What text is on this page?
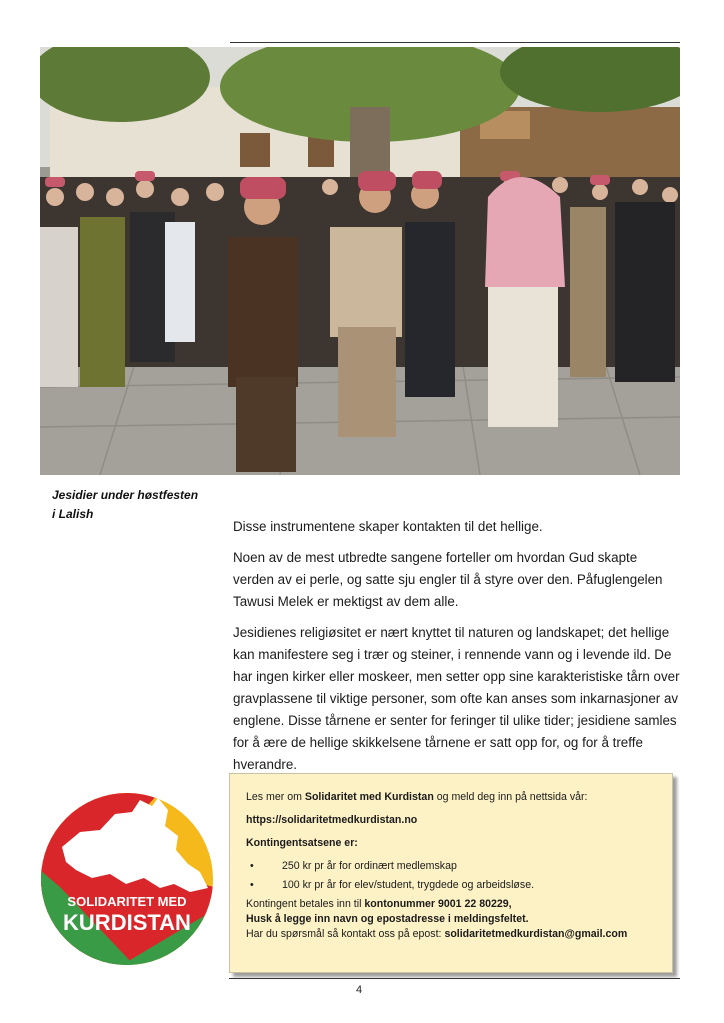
Jesidier under høstfesten
i Lalish

Disse instrumentene skaper kontakten til det hellige.

Noen av de mest utbredte sangene forteller om hvordan Gud skapte verden av ei perle, og satte sju engler til å styre over den. Påfuglengelen Tawusi Melek er mektigst av dem alle.

Jesidienes religiøsitet er nært knyttet til naturen og landskapet; det hellige kan manifestere seg i trær og steiner, i rennende vann og i levende ild. De har ingen kirker eller moskeer, men setter opp sine karakteristiske tårn over gravplassene til viktige personer, som ofte kan anses som inkarnasjoner av englene. Disse tårnene er senter for feringer til ulike tider; jesidiene samles for å ære de hellige skikkelsene tårnene er satt opp for, og for å treffe hverandre.

SOLIDARITET MED
KURDISTAN

Les mer om Solidaritet med Kurdistan og meld deg inn på nettsida vår:

https://solidaritetmedkurdistan.no

Kontingentsatsene er:

•	250 kr pr år for ordinært medlemskap
•	100 kr pr år for elev/student, trygdede og arbeidsløse.

Kontingent betales inn til kontonummer 9001 22 80229,

Husk å legge inn navn og epostadresse i meldingsfeltet.

Har du spørsmål så kontakt oss på epost: solidaritetmedkurdistan@gmail.com

4
